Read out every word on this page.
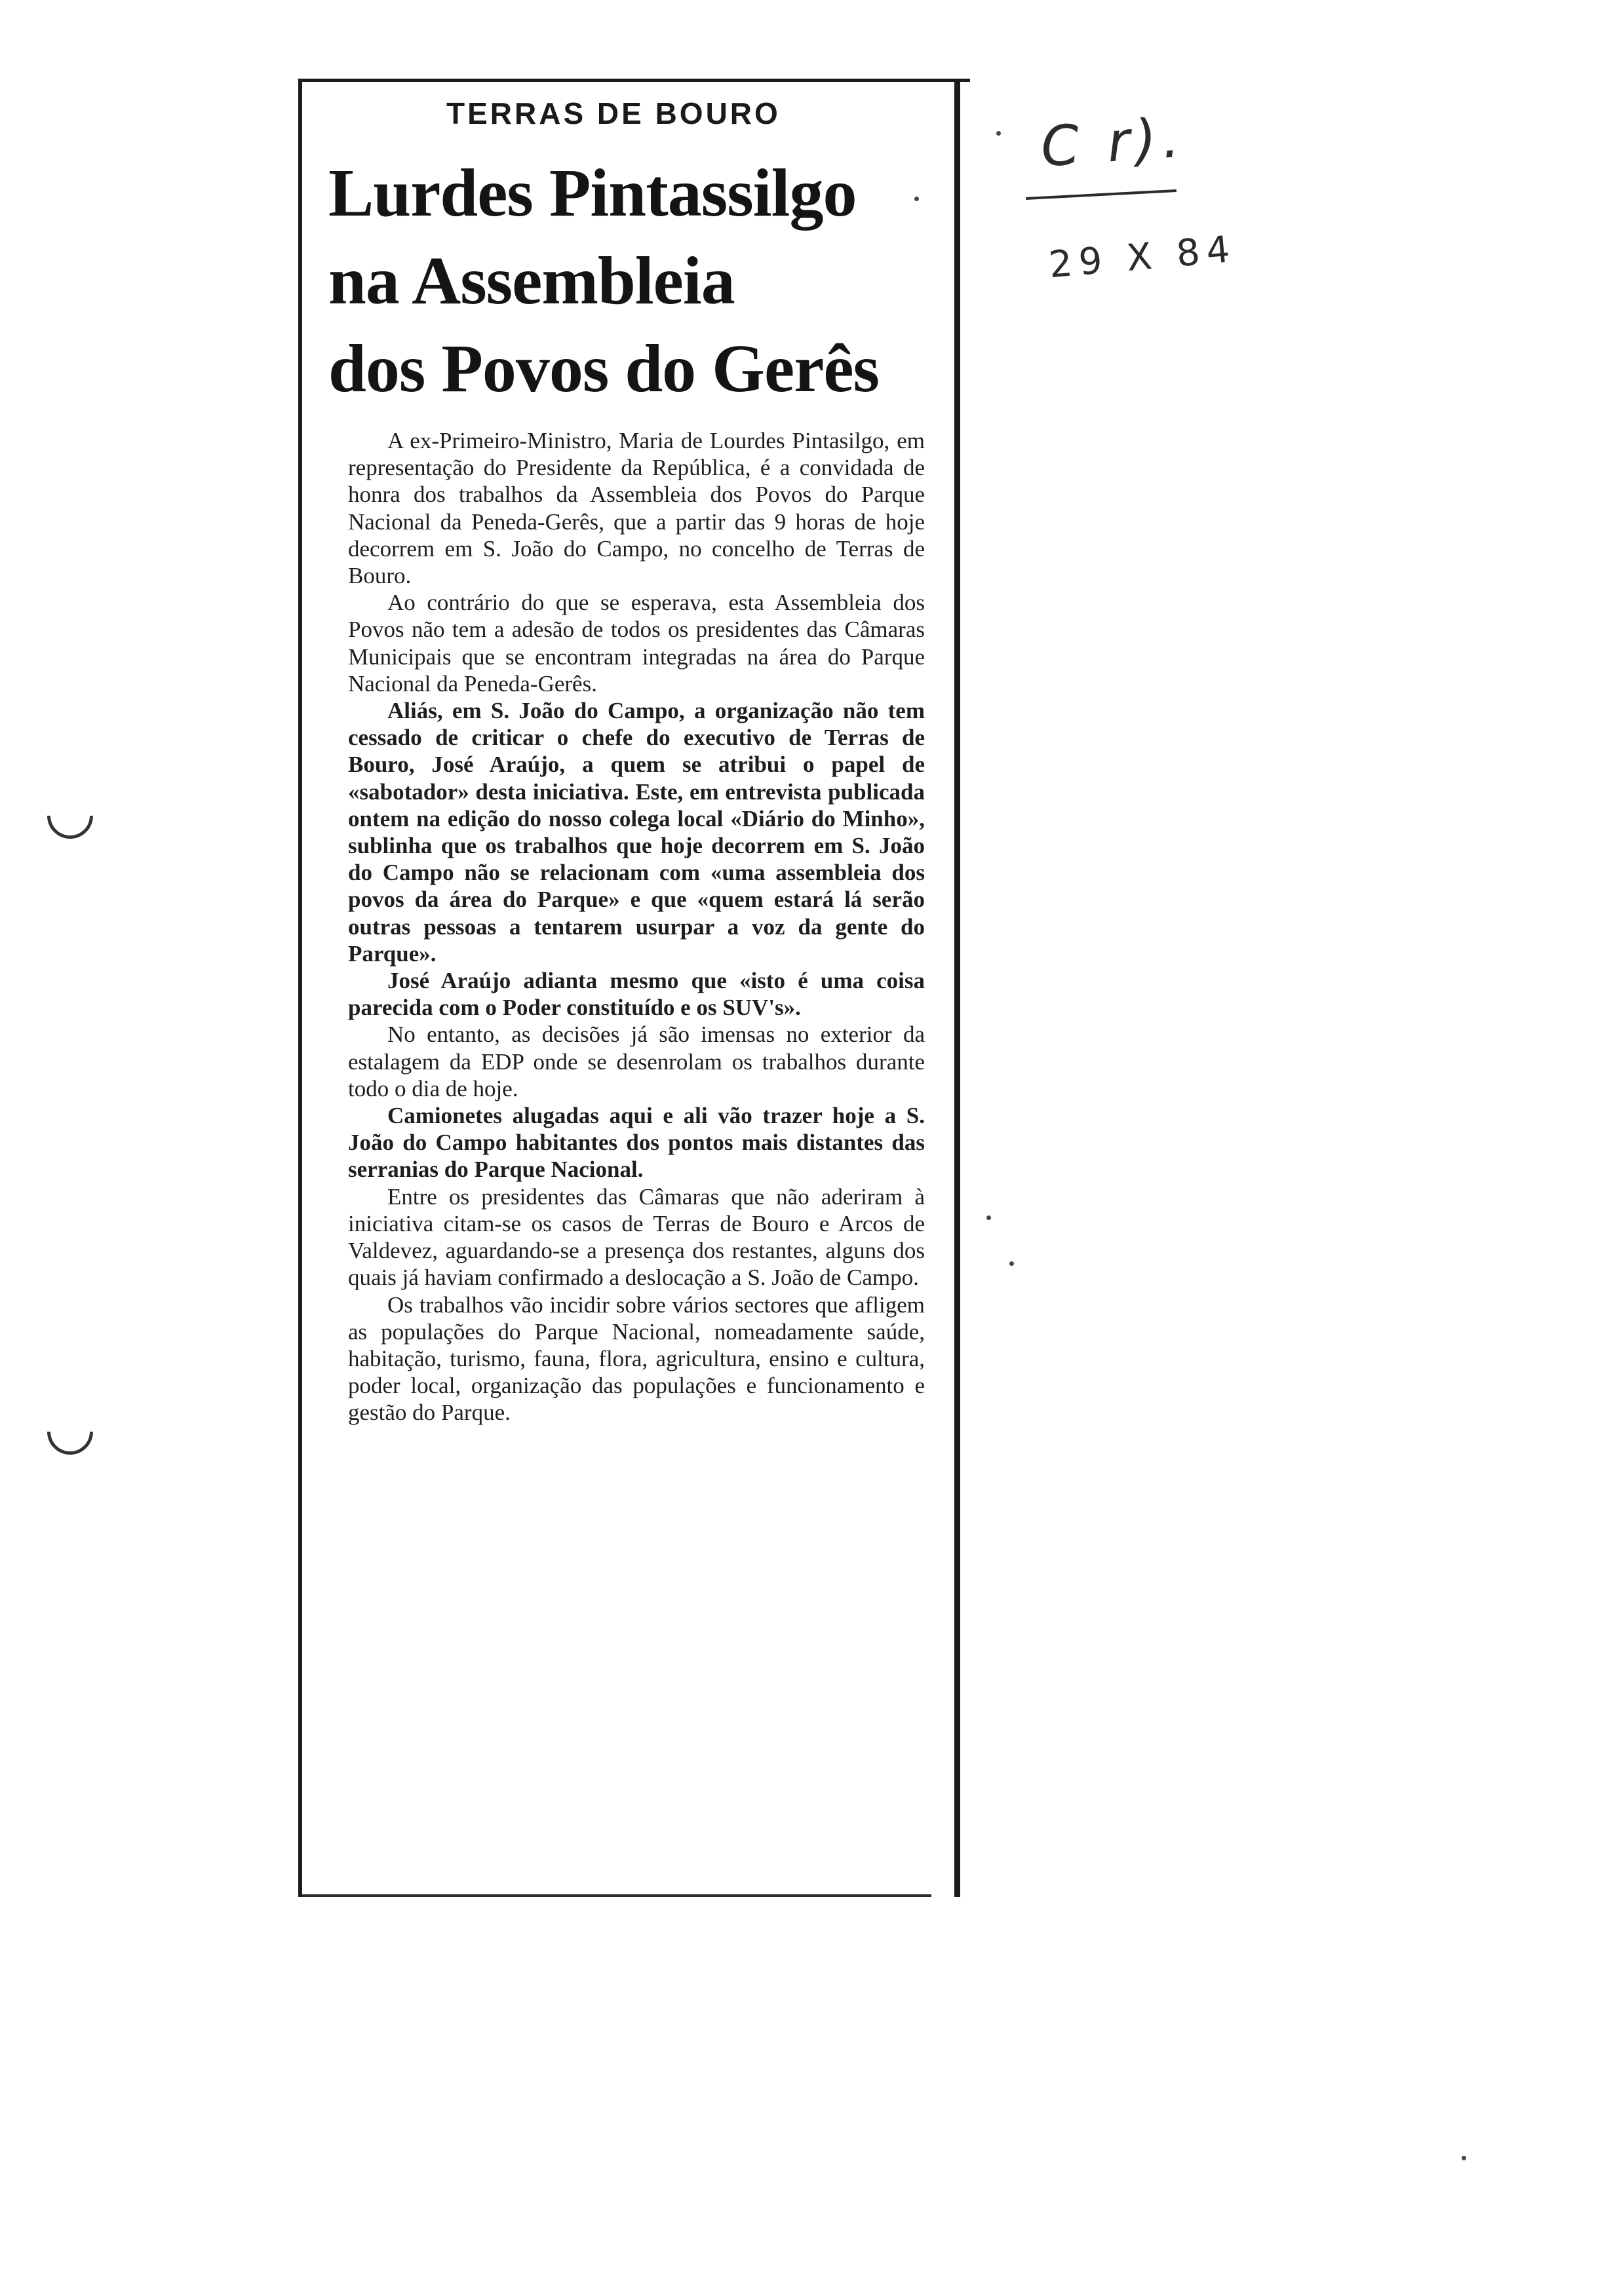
TERRAS DE BOURO
Lurdes Pintassilgo
na Assembleia
dos Povos do Gerês

A ex-Primeiro-Ministro, Maria de Lourdes Pintasilgo, em representação do Presidente da República, é a convidada de honra dos trabalhos da Assembleia dos Povos do Parque Nacional da Peneda-Gerês, que a partir das 9 horas de hoje decorrem em S. João do Campo, no concelho de Terras de Bouro.

Ao contrário do que se esperava, esta Assembleia dos Povos não tem a adesão de todos os presidentes das Câmaras Municipais que se encontram integradas na área do Parque Nacional da Peneda-Gerês.

Aliás, em S. João do Campo, a organização não tem cessado de criticar o chefe do executivo de Terras de Bouro, José Araújo, a quem se atribui o papel de «sabotador» desta iniciativa. Este, em entrevista publicada ontem na edição do nosso colega local «Diário do Minho», sublinha que os trabalhos que hoje decorrem em S. João do Campo não se relacionam com «uma assembleia dos povos da área do Parque» e que «quem estará lá serão outras pessoas a tentarem usurpar a voz da gente do Parque».

José Araújo adianta mesmo que «isto é uma coisa parecida com o Poder constituído e os SUV's».

No entanto, as decisões já são imensas no exterior da estalagem da EDP onde se desenrolam os trabalhos durante todo o dia de hoje.

Camionetes alugadas aqui e ali vão trazer hoje a S. João do Campo habitantes dos pontos mais distantes das serranias do Parque Nacional.

Entre os presidentes das Câmaras que não aderiram à iniciativa citam-se os casos de Terras de Bouro e Arcos de Valdevez, aguardando-se a presença dos restantes, alguns dos quais já haviam confirmado a deslocação a S. João de Campo.

Os trabalhos vão incidir sobre vários sectores que afligem as populações do Parque Nacional, nomeadamente saúde, habitação, turismo, fauna, flora, agricultura, ensino e cultura, poder local, organização das populações e funcionamento e gestão do Parque.

C r).
29 X 84
